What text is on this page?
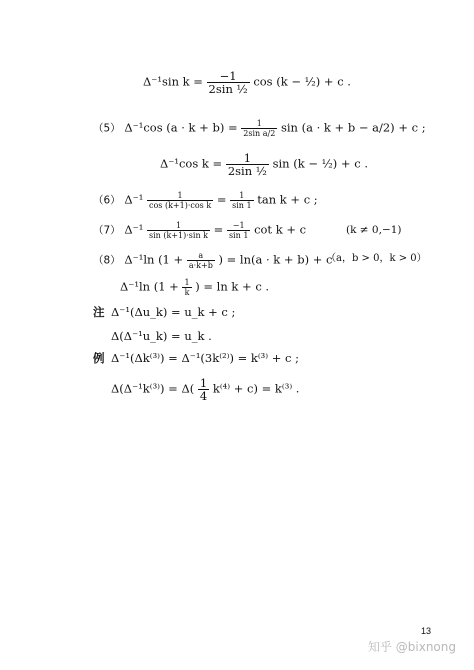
Δ⁻¹sin $k = \frac{-1}{\text{2sin ½}}$ cos (k − ½) + c .
（5） Δ⁻¹cos $(a \cdot k + b) = \frac{1}{\text{2sin a/2}}$ sin (a · k + b − a/2) + c ;
Δ⁻¹cos $k = \frac{1}{\text{2sin ½}}$ sin (k − ½) + c .
（6） $\Delta^{-1} \frac{1}{\text{cos (k+1)·cos k}} = \frac{1}{\sin 1}$ tan k + c ;
（7） $\Delta^{-1} \frac{1}{\text{sin (k+1)·sin k}} = \frac{-1}{\sin 1}$ cot k + c	(k ≠ 0,−1)
（8） Δ⁻¹ln ($1 + \frac{a}{a\cdot k+b}$ ) = ln(a · k + b) + c
（a，b > 0，k > 0）
Δ⁻¹ln ($1 + \frac{1}{k}$ ) = ln k + c .
注 Δ⁻¹(Δu_k) = u_k + c ;
Δ(Δ⁻¹u_k) = u_k .
例 Δ⁻¹(Δk⁽³⁾) = Δ⁻¹(3k⁽²⁾) = k⁽³⁾ + c ;
$\Delta(\Delta^{-1}k^{(3)}) = \Delta( \frac{1}{4} k^{(4)} + c) = k^{(3)}$ .
13
知乎 @bixnong
